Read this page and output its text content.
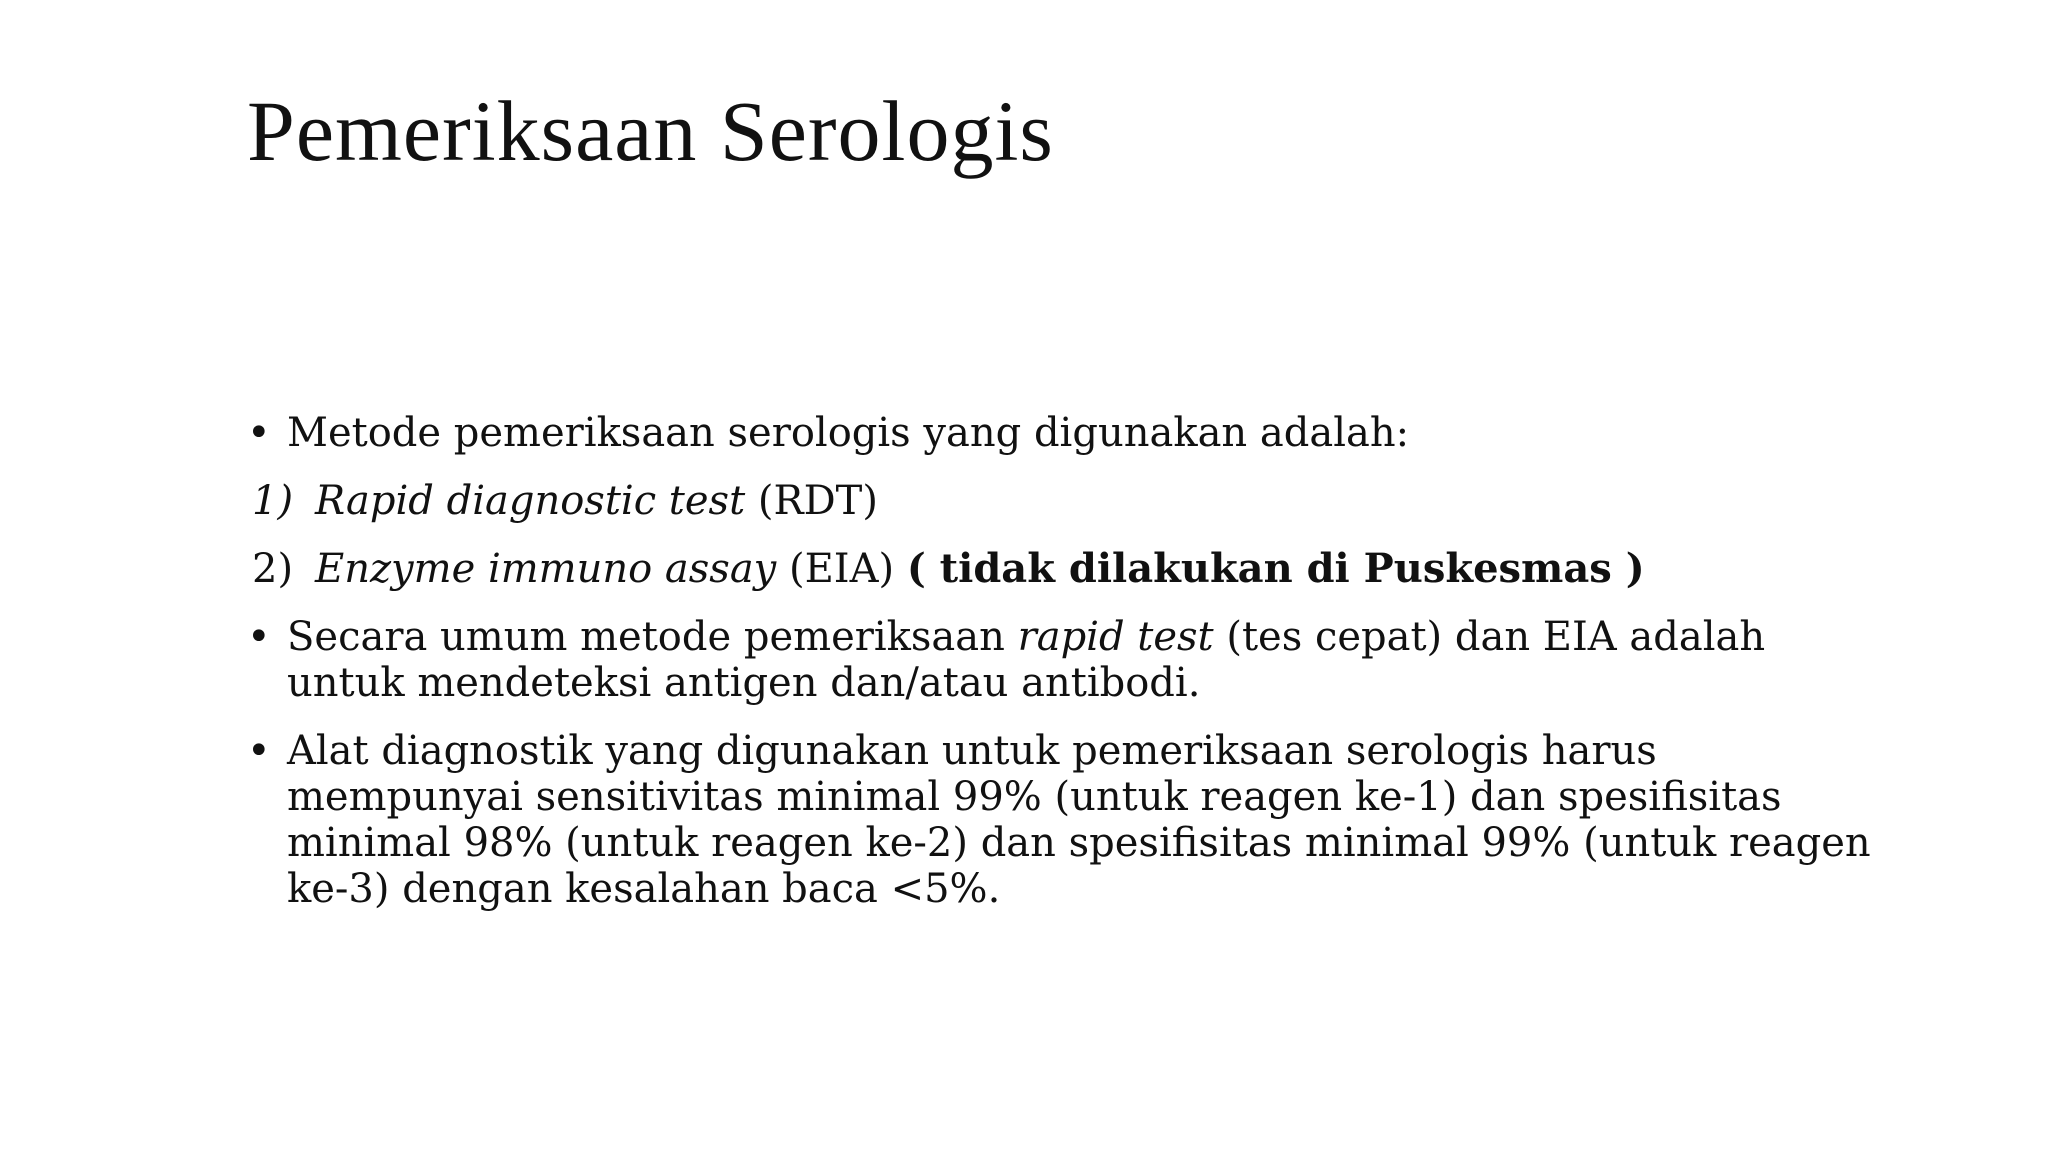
Pemeriksaan Serologis
• Metode pemeriksaan serologis yang digunakan adalah:
1) Rapid diagnostic test (RDT)
2) Enzyme immuno assay (EIA) ( tidak dilakukan di Puskesmas )
• Secara umum metode pemeriksaan rapid test (tes cepat) dan EIA adalah untuk mendeteksi antigen dan/atau antibodi.
• Alat diagnostik yang digunakan untuk pemeriksaan serologis harus mempunyai sensitivitas minimal 99% (untuk reagen ke-1) dan spesifisitas minimal 98% (untuk reagen ke-2) dan spesifisitas minimal 99% (untuk reagen ke-3) dengan kesalahan baca <5%.
